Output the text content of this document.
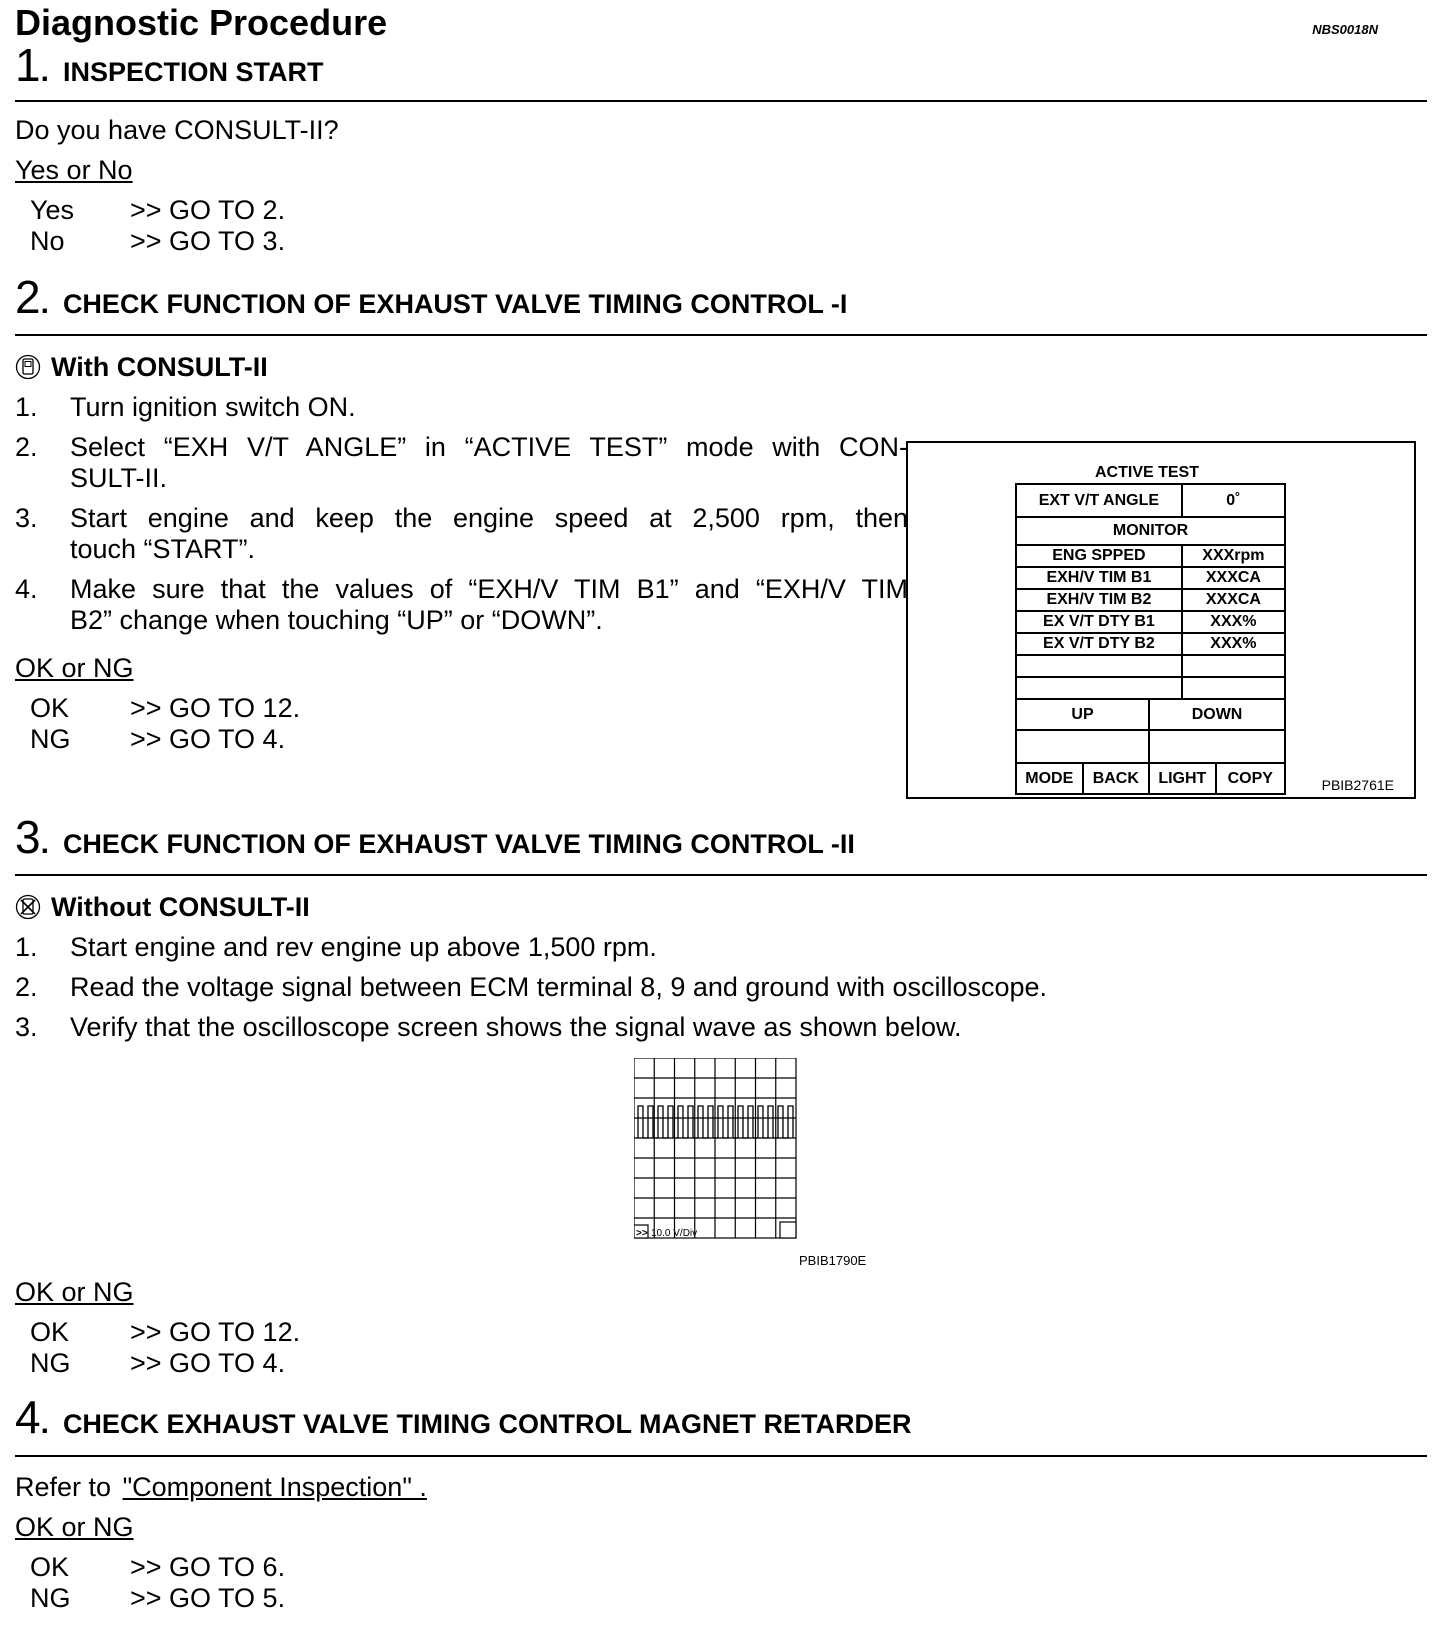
Diagnostic Procedure	NBS0018N
1. INSPECTION START
Do you have CONSULT-II?
Yes or No
Yes >> GO TO 2.
No >> GO TO 3.
2. CHECK FUNCTION OF EXHAUST VALVE TIMING CONTROL -I
With CONSULT-II
1. Turn ignition switch ON.
2.	Select “EXH V/T ANGLE” in “ACTIVE TEST” mode with CON-
SULT-II.
3.	Start engine and keep the engine speed at 2,500 rpm, then
touch “START”.
4.	Make sure that the values of “EXH/V TIM B1” and “EXH/V TIM
B2” change when touching “UP” or “DOWN”.
OK or NG
OK >> GO TO 12.
NG >> GO TO 4.
ACTIVE TEST
EXT V/T ANGLE			0˚	
MONITOR				
ENG SPPED			XXXrpm	
EXH/V TIM B1			XXXCA	
EXH/V TIM B2			XXXCA	
EX V/T DTY B1			XXX%	
EX V/T DTY B2			XXX%	

UP		DOWN		

MODE	BACK	LIGHT		COPY	PBIB2761E
3. CHECK FUNCTION OF EXHAUST VALVE TIMING CONTROL -II
Without CONSULT-II
1. Start engine and rev engine up above 1,500 rpm.
2. Read the voltage signal between ECM terminal 8, 9 and ground with oscilloscope.
3. Verify that the oscilloscope screen shows the signal wave as shown below.
>> 10.0 V/Div
PBIB1790E
OK or NG
OK >> GO TO 12.
NG >> GO TO 4.
4. CHECK EXHAUST VALVE TIMING CONTROL MAGNET RETARDER
Refer to "Component Inspection" .
OK or NG
OK >> GO TO 6.
NG >> GO TO 5.
